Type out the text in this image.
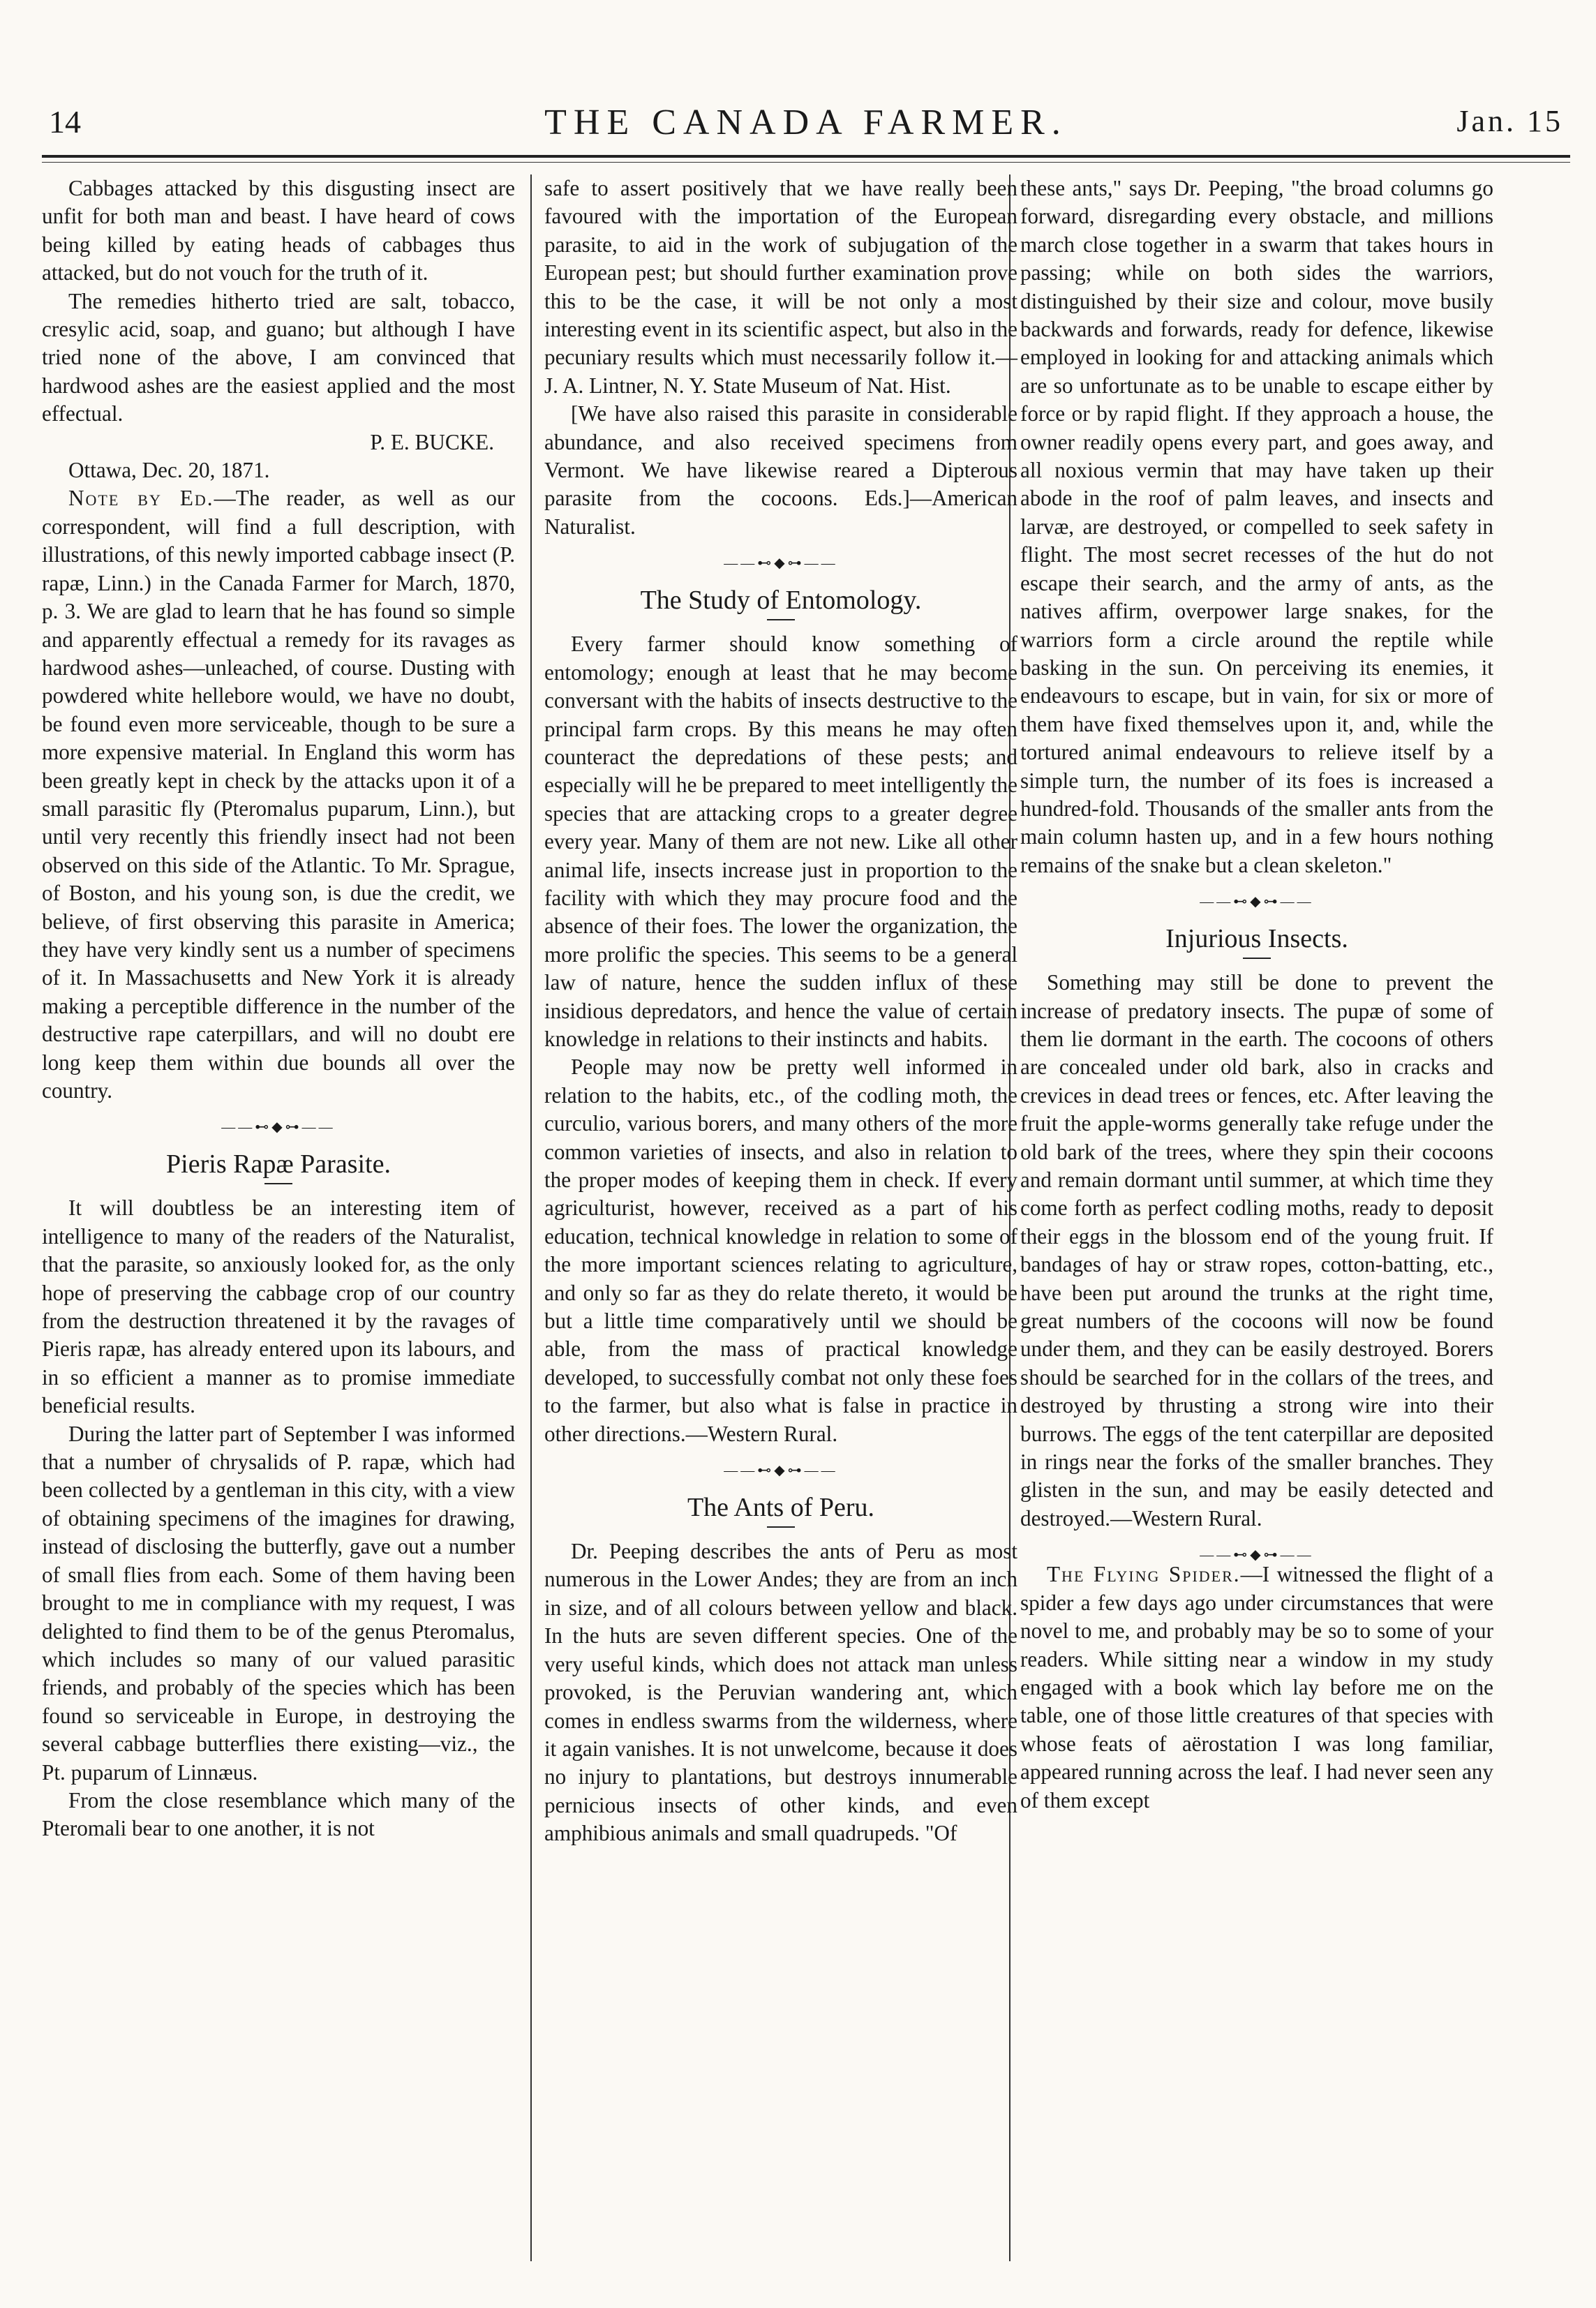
14	THE CANADA FARMER.	Jan. 15

Cabbages attacked by this disgusting insect are unfit for both man and beast. I have heard of cows being killed by eating heads of cabbages thus attacked, but do not vouch for the truth of it.

The remedies hitherto tried are salt, tobacco, cresylic acid, soap, and guano; but although I have tried none of the above, I am convinced that hardwood ashes are the easiest applied and the most effectual.

P. E. BUCKE.

Ottawa, Dec. 20, 1871.

Note by Ed.—The reader, as well as our correspondent, will find a full description, with illustrations, of this newly imported cabbage insect (P. rapæ, Linn.) in the Canada Farmer for March, 1870, p. 3. We are glad to learn that he has found so simple and apparently effectual a remedy for its ravages as hardwood ashes—unleached, of course. Dusting with powdered white hellebore would, we have no doubt, be found even more serviceable, though to be sure a more expensive material. In England this worm has been greatly kept in check by the attacks upon it of a small parasitic fly (Pteromalus puparum, Linn.), but until very recently this friendly insect had not been observed on this side of the Atlantic. To Mr. Sprague, of Boston, and his young son, is due the credit, we believe, of first observing this parasite in America; they have very kindly sent us a number of specimens of it. In Massachusetts and New York it is already making a perceptible difference in the number of the destructive rape caterpillars, and will no doubt ere long keep them within due bounds all over the country.

——⊷◆⊶——
Pieris Rapæ Parasite.

It will doubtless be an interesting item of intelligence to many of the readers of the Naturalist, that the parasite, so anxiously looked for, as the only hope of preserving the cabbage crop of our country from the destruction threatened it by the ravages of Pieris rapæ, has already entered upon its labours, and in so efficient a manner as to promise immediate beneficial results.

During the latter part of September I was informed that a number of chrysalids of P. rapæ, which had been collected by a gentleman in this city, with a view of obtaining specimens of the imagines for drawing, instead of disclosing the butterfly, gave out a number of small flies from each. Some of them having been brought to me in compliance with my request, I was delighted to find them to be of the genus Pteromalus, which includes so many of our valued parasitic friends, and probably of the species which has been found so serviceable in Europe, in destroying the several cabbage butterflies there existing—viz., the Pt. puparum of Linnæus.

From the close resemblance which many of the Pteromali bear to one another, it is not

safe to assert positively that we have really been favoured with the importation of the European parasite, to aid in the work of subjugation of the European pest; but should further examination prove this to be the case, it will be not only a most interesting event in its scientific aspect, but also in the pecuniary results which must necessarily follow it.—J. A. Lintner, N. Y. State Museum of Nat. Hist.

[We have also raised this parasite in considerable abundance, and also received specimens from Vermont. We have likewise reared a Dipterous parasite from the cocoons. Eds.]—American Naturalist.

——⊷◆⊶——
The Study of Entomology.

Every farmer should know something of entomology; enough at least that he may become conversant with the habits of insects destructive to the principal farm crops. By this means he may often counteract the depredations of these pests; and especially will he be prepared to meet intelligently the species that are attacking crops to a greater degree every year. Many of them are not new. Like all other animal life, insects increase just in proportion to the facility with which they may procure food and the absence of their foes. The lower the organization, the more prolific the species. This seems to be a general law of nature, hence the sudden influx of these insidious depredators, and hence the value of certain knowledge in relations to their instincts and habits.

People may now be pretty well informed in relation to the habits, etc., of the codling moth, the curculio, various borers, and many others of the more common varieties of insects, and also in relation to the proper modes of keeping them in check. If every agriculturist, however, received as a part of his education, technical knowledge in relation to some of the more important sciences relating to agriculture, and only so far as they do relate thereto, it would be but a little time comparatively until we should be able, from the mass of practical knowledge developed, to successfully combat not only these foes to the farmer, but also what is false in practice in other directions.—Western Rural.

——⊷◆⊶——
The Ants of Peru.

Dr. Peeping describes the ants of Peru as most numerous in the Lower Andes; they are from an inch in size, and of all colours between yellow and black. In the huts are seven different species. One of the very useful kinds, which does not attack man unless provoked, is the Peruvian wandering ant, which comes in endless swarms from the wilderness, where it again vanishes. It is not unwelcome, because it does no injury to plantations, but destroys innumerable pernicious insects of other kinds, and even amphibious animals and small quadrupeds. "Of

these ants," says Dr. Peeping, "the broad columns go forward, disregarding every obstacle, and millions march close together in a swarm that takes hours in passing; while on both sides the warriors, distinguished by their size and colour, move busily backwards and forwards, ready for defence, likewise employed in looking for and attacking animals which are so unfortunate as to be unable to escape either by force or by rapid flight. If they approach a house, the owner readily opens every part, and goes away, and all noxious vermin that may have taken up their abode in the roof of palm leaves, and insects and larvæ, are destroyed, or compelled to seek safety in flight. The most secret recesses of the hut do not escape their search, and the army of ants, as the natives affirm, overpower large snakes, for the warriors form a circle around the reptile while basking in the sun. On perceiving its enemies, it endeavours to escape, but in vain, for six or more of them have fixed themselves upon it, and, while the tortured animal endeavours to relieve itself by a simple turn, the number of its foes is increased a hundred-fold. Thousands of the smaller ants from the main column hasten up, and in a few hours nothing remains of the snake but a clean skeleton."

——⊷◆⊶——
Injurious Insects.

Something may still be done to prevent the increase of predatory insects. The pupæ of some of them lie dormant in the earth. The cocoons of others are concealed under old bark, also in cracks and crevices in dead trees or fences, etc. After leaving the fruit the apple-worms generally take refuge under the old bark of the trees, where they spin their cocoons and remain dormant until summer, at which time they come forth as perfect codling moths, ready to deposit their eggs in the blossom end of the young fruit. If bandages of hay or straw ropes, cotton-batting, etc., have been put around the trunks at the right time, great numbers of the cocoons will now be found under them, and they can be easily destroyed. Borers should be searched for in the collars of the trees, and destroyed by thrusting a strong wire into their burrows. The eggs of the tent caterpillar are deposited in rings near the forks of the smaller branches. They glisten in the sun, and may be easily detected and destroyed.—Western Rural.

——⊷◆⊶——

The Flying Spider.—I witnessed the flight of a spider a few days ago under circumstances that were novel to me, and probably may be so to some of your readers. While sitting near a window in my study engaged with a book which lay before me on the table, one of those little creatures of that species with whose feats of aërostation I was long familiar, appeared running across the leaf. I had never seen any of them except
